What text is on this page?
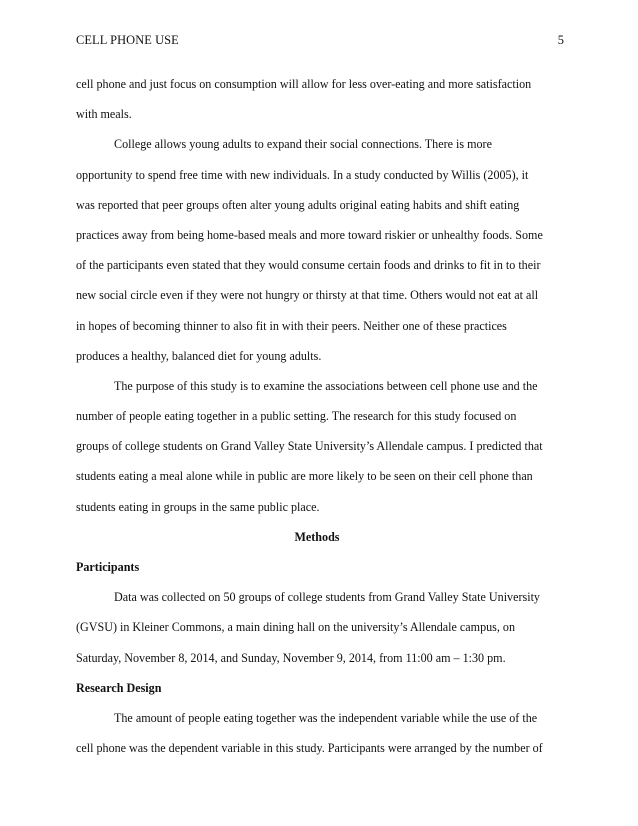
CELL PHONE USE	5
cell phone and just focus on consumption will allow for less over-eating and more satisfaction
with meals.
College allows young adults to expand their social connections. There is more
opportunity to spend free time with new individuals. In a study conducted by Willis (2005), it
was reported that peer groups often alter young adults original eating habits and shift eating
practices away from being home-based meals and more toward riskier or unhealthy foods. Some
of the participants even stated that they would consume certain foods and drinks to fit in to their
new social circle even if they were not hungry or thirsty at that time. Others would not eat at all
in hopes of becoming thinner to also fit in with their peers. Neither one of these practices
produces a healthy, balanced diet for young adults.
The purpose of this study is to examine the associations between cell phone use and the
number of people eating together in a public setting. The research for this study focused on
groups of college students on Grand Valley State University’s Allendale campus. I predicted that
students eating a meal alone while in public are more likely to be seen on their cell phone than
students eating in groups in the same public place.
Methods
Participants
Data was collected on 50 groups of college students from Grand Valley State University
(GVSU) in Kleiner Commons, a main dining hall on the university’s Allendale campus, on
Saturday, November 8, 2014, and Sunday, November 9, 2014, from 11:00 am – 1:30 pm.
Research Design
The amount of people eating together was the independent variable while the use of the
cell phone was the dependent variable in this study. Participants were arranged by the number of
